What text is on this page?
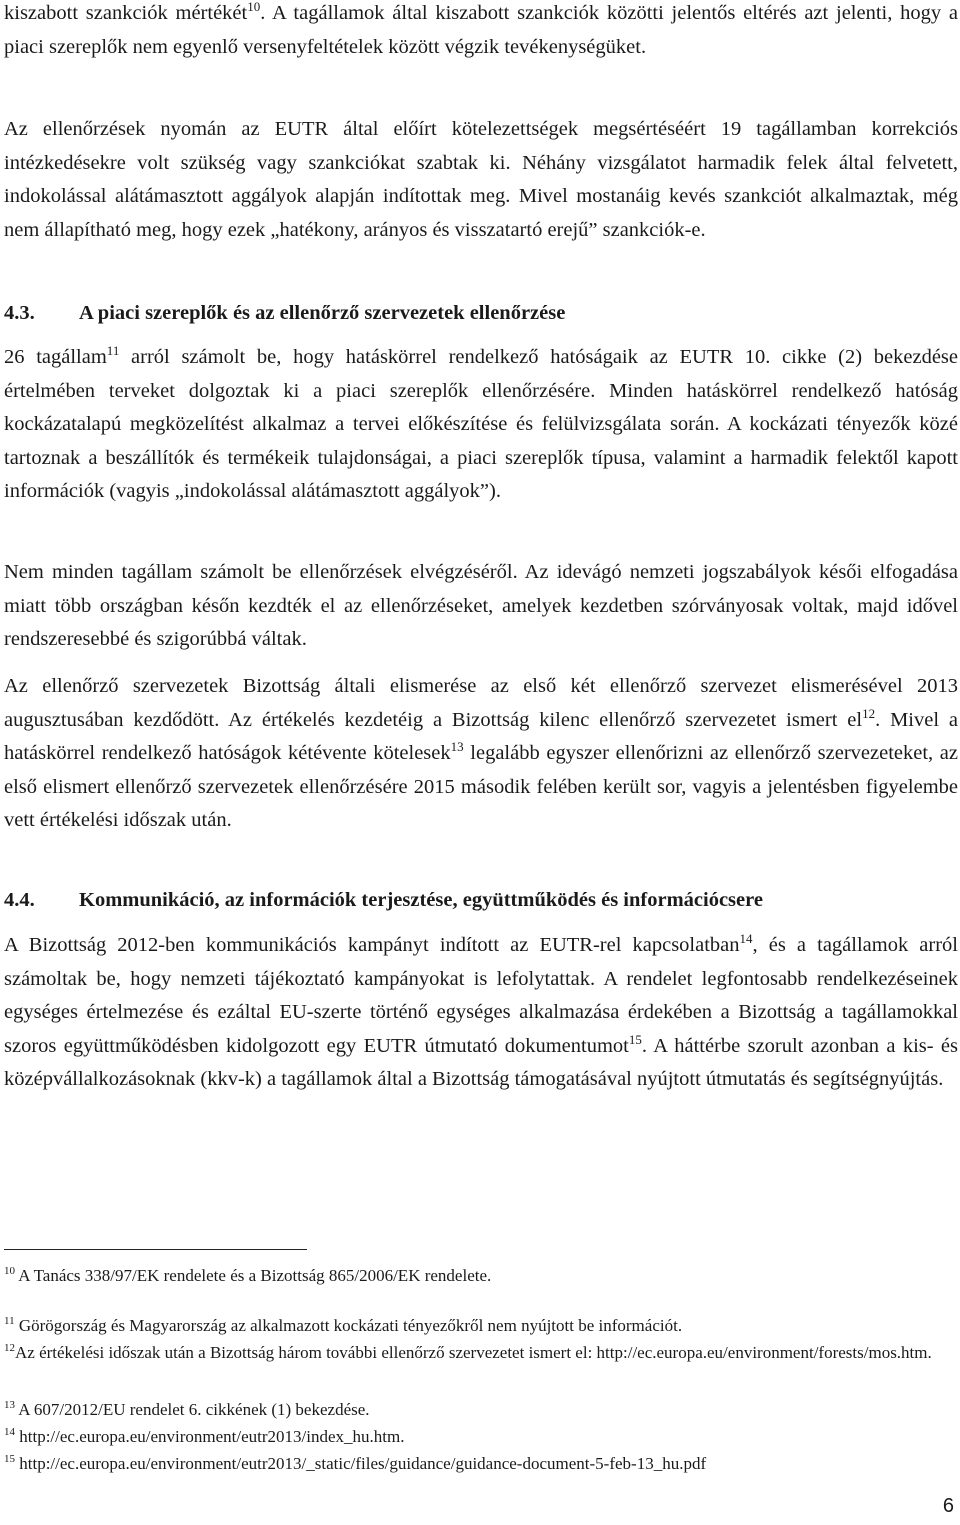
kiszabott szankciók mértékét$^{10}$. A tagállamok által kiszabott szankciók közötti jelentős eltérés azt jelenti, hogy a piaci szereplők nem egyenlő versenyfeltételek között végzik tevékenységüket.

Az ellenőrzések nyomán az EUTR által előírt kötelezettségek megsértéséért 19 tagállamban korrekciós intézkedésekre volt szükség vagy szankciókat szabtak ki. Néhány vizsgálatot harmadik felek által felvetett, indokolással alátámasztott aggályok alapján indítottak meg. Mivel mostanáig kevés szankciót alkalmaztak, még nem állapítható meg, hogy ezek „hatékony, arányos és visszatartó erejű” szankciók-e.

4.3. A piaci szereplők és az ellenőrző szervezetek ellenőrzése

26 tagállam$^{11}$ arról számolt be, hogy hatáskörrel rendelkező hatóságaik az EUTR 10. cikke (2) bekezdése értelmében terveket dolgoztak ki a piaci szereplők ellenőrzésére. Minden hatáskörrel rendelkező hatóság kockázatalapú megközelítést alkalmaz a tervei előkészítése és felülvizsgálata során. A kockázati tényezők közé tartoznak a beszállítók és termékeik tulajdonságai, a piaci szereplők típusa, valamint a harmadik felektől kapott információk (vagyis „indokolással alátámasztott aggályok”).

Nem minden tagállam számolt be ellenőrzések elvégzéséről. Az idevágó nemzeti jogszabályok késői elfogadása miatt több országban későn kezdték el az ellenőrzéseket, amelyek kezdetben szórványosak voltak, majd idővel rendszeresebbé és szigorúbbá váltak.

Az ellenőrző szervezetek Bizottság általi elismerése az első két ellenőrző szervezet elismerésével 2013 augusztusában kezdődött. Az értékelés kezdetéig a Bizottság kilenc ellenőrző szervezetet ismert $el^{12}$. Mivel a hatáskörrel rendelkező hatóságok kétévente kötelesek$^{13}$ legalább egyszer ellenőrizni az ellenőrző szervezeteket, az első elismert ellenőrző szervezetek ellenőrzésére 2015 második felében került sor, vagyis a jelentésben figyelembe vett értékelési időszak után.

4.4. Kommunikáció, az információk terjesztése, együttműködés és információcsere

A Bizottság 2012-ben kommunikációs kampányt indított az EUTR-rel kapcsolatban$^{14}$, és a tagállamok arról számoltak be, hogy nemzeti tájékoztató kampányokat is lefolytattak. A rendelet legfontosabb rendelkezéseinek egységes értelmezése és ezáltal EU-szerte történő egységes alkalmazása érdekében a Bizottság a tagállamokkal szoros együttműködésben kidolgozott egy EUTR útmutató dokumentumot$^{15}$. A háttérbe szorult azonban a kis- és középvállalkozásoknak (kkv-k) a tagállamok által a Bizottság támogatásával nyújtott útmutatás és segítségnyújtás.

$^{10}$ A Tanács 338/97/EK rendelete és a Bizottság 865/2006/EK rendelete.
$^{11}$ Görögország és Magyarország az alkalmazott kockázati tényezőkről nem nyújtott be információt.
$^{12}$Az értékelési időszak után a Bizottság három további ellenőrző szervezetet ismert el: http://ec.europa.eu/environment/forests/mos.htm.
$^{13}$ A 607/2012/EU rendelet 6. cikkének (1) bekezdése.
$^{14}$ http://ec.europa.eu/environment/eutr2013/index_hu.htm.
$^{15}$ http://ec.europa.eu/environment/eutr2013/_static/files/guidance/guidance-document-5-feb-13_hu.pdf
6
